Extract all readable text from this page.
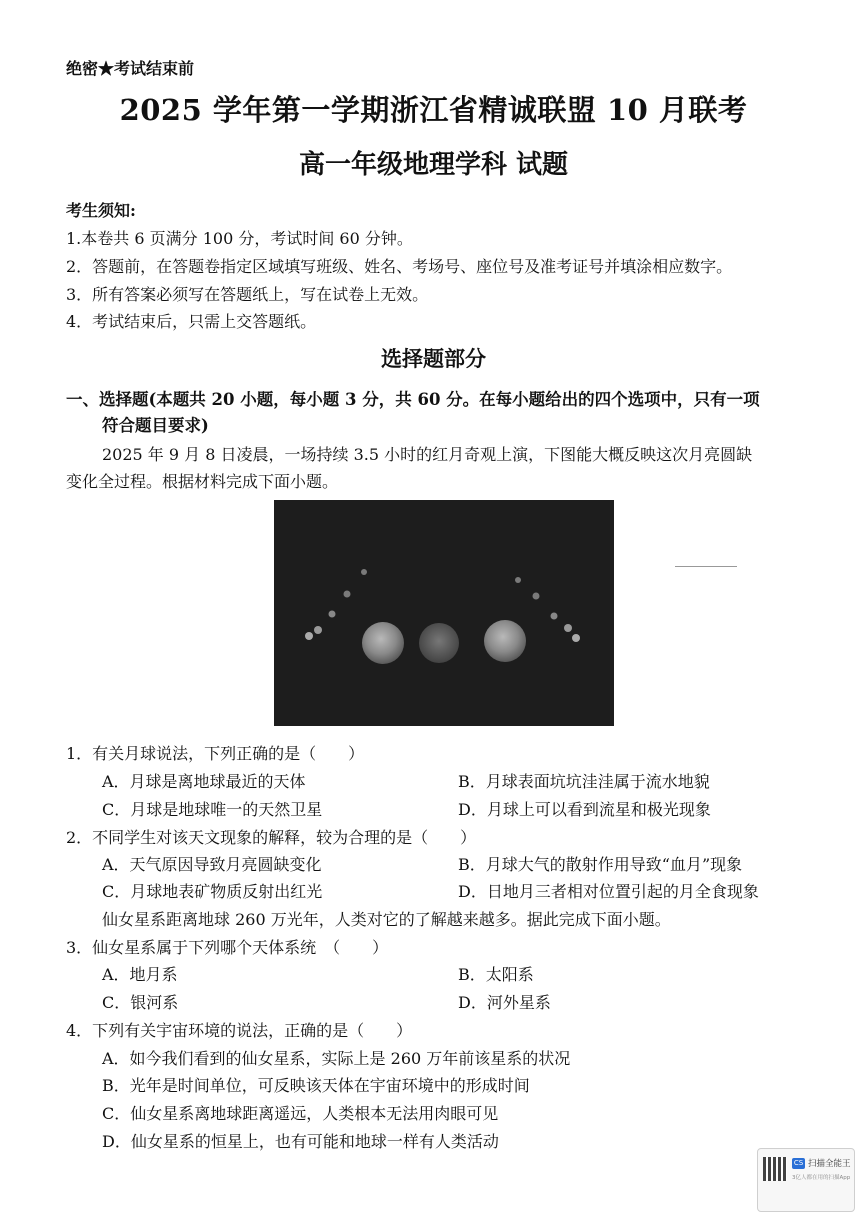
绝密★考试结束前
2025 学年第一学期浙江省精诚联盟 10 月联考
高一年级地理学科 试题
考生须知:
1.本卷共 6 页满分 100 分，考试时间 60 分钟。
2．答题前，在答题卷指定区域填写班级、姓名、考场号、座位号及准考证号并填涂相应数字。
3．所有答案必须写在答题纸上，写在试卷上无效。
4．考试结束后，只需上交答题纸。
选择题部分
一、选择题(本题共 20 小题，每小题 3 分，共 60 分。在每小题给出的四个选项中，只有一项
符合题目要求)
2025 年 9 月 8 日凌晨，一场持续 3.5 小时的红月奇观上演，下图能大概反映这次月亮圆缺
变化全过程。根据材料完成下面小题。
1．有关月球说法，下列正确的是（　　）
A．月球是离地球最近的天体	B．月球表面坑坑洼洼属于流水地貌
C．月球是地球唯一的天然卫星	D．月球上可以看到流星和极光现象
2．不同学生对该天文现象的解释，较为合理的是（　　）
A．天气原因导致月亮圆缺变化	B．月球大气的散射作用导致“血月”现象
C．月球地表矿物质反射出红光	D．日地月三者相对位置引起的月全食现象
仙女星系距离地球 260 万光年，人类对它的了解越来越多。据此完成下面小题。
3．仙女星系属于下列哪个天体系统　（　　）
A．地月系	B．太阳系
C．银河系	D．河外星系
4．下列有关宇宙环境的说法，正确的是（　　）
A．如今我们看到的仙女星系，实际上是 260 万年前该星系的状况
B．光年是时间单位，可反映该天体在宇宙环境中的形成时间
C．仙女星系离地球距离遥远，人类根本无法用肉眼可见
D．仙女星系的恒星上，也有可能和地球一样有人类活动
CS 扫描全能王
3亿人都在用的扫描App
